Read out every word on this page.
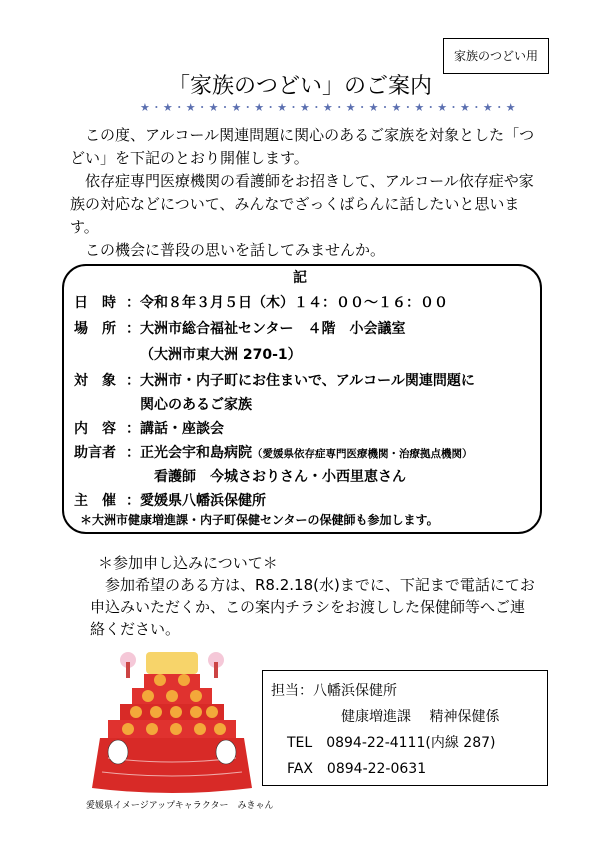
家族のつどい用
「家族のつどい」のご案内
★・★・★・★・★・★・★・★・★・★・★・★・★・★・★・★・★

　この度、アルコール関連問題に関心のあるご家族を対象とした「つどい」を下記のとおり開催します。

　依存症専門医療機関の看護師をお招きして、アルコール依存症や家族の対応などについて、みんなでざっくばらんに話したいと思います。

　この機会に普段の思いを話してみませんか。

記
日　時 ：令和８年３月５日（木）１４：００～１６：００
場　所 ：大洲市総合福祉センター　４階　小会議室
（大洲市東大洲 270-1）
対　象 ：大洲市・内子町にお住まいで、アルコール関連問題に
関心のあるご家族
内　容 ：講話・座談会
助言者 ：正光会宇和島病院（愛媛県依存症専門医療機関・治療拠点機関）
看護師　今城さおりさん・小西里恵さん
主　催 ：愛媛県八幡浜保健所
＊大洲市健康増進課・内子町保健センターの保健師も参加します。
＊参加申し込みについて＊

　参加希望のある方は、R8.2.18(水)までに、下記まで電話にてお申込みいただくか、この案内チラシをお渡しした保健師等へご連絡ください。

愛媛県イメージアップキャラクター　みきゃん
担当：八幡浜保健所
健康増進課　 精神保健係
TEL　0894-22-4111(内線 287)
FAX　0894-22-0631
